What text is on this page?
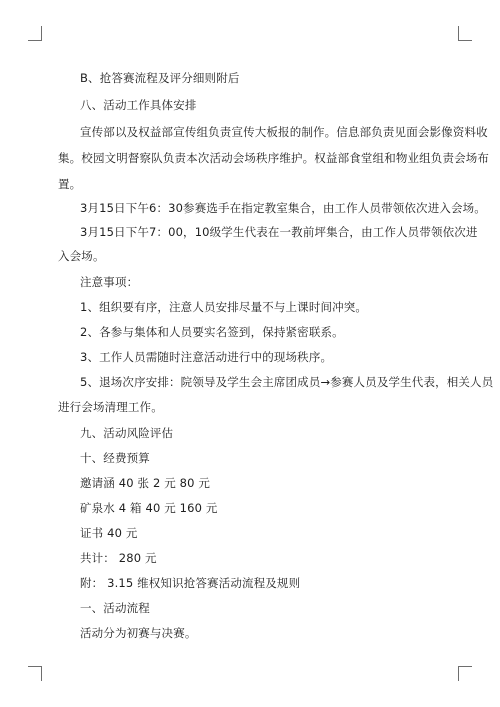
B、抢答赛流程及评分细则附后
八、活动工作具体安排
宣传部以及权益部宣传组负责宣传大板报的制作。信息部负责见面会影像资料收
集。校园文明督察队负责本次活动会场秩序维护。权益部食堂组和物业组负责会场布
置。
3月15日下午6：30参赛选手在指定教室集合，由工作人员带领依次进入会场。
3月15日下午7：00，10级学生代表在一教前坪集合，由工作人员带领依次进
入会场。
注意事项：
1、组织要有序，注意人员安排尽量不与上课时间冲突。
2、各参与集体和人员要实名签到，保持紧密联系。
3、工作人员需随时注意活动进行中的现场秩序。
5、退场次序安排：院领导及学生会主席团成员→参赛人员及学生代表，相关人员
进行会场清理工作。
九、活动风险评估
十、经费预算
邀请涵 40 张 2 元 80 元
矿泉水 4 箱 40 元 160 元
证书 40 元
共计： 280 元
附： 3.15 维权知识抢答赛活动流程及规则
一、活动流程
活动分为初赛与决赛。
